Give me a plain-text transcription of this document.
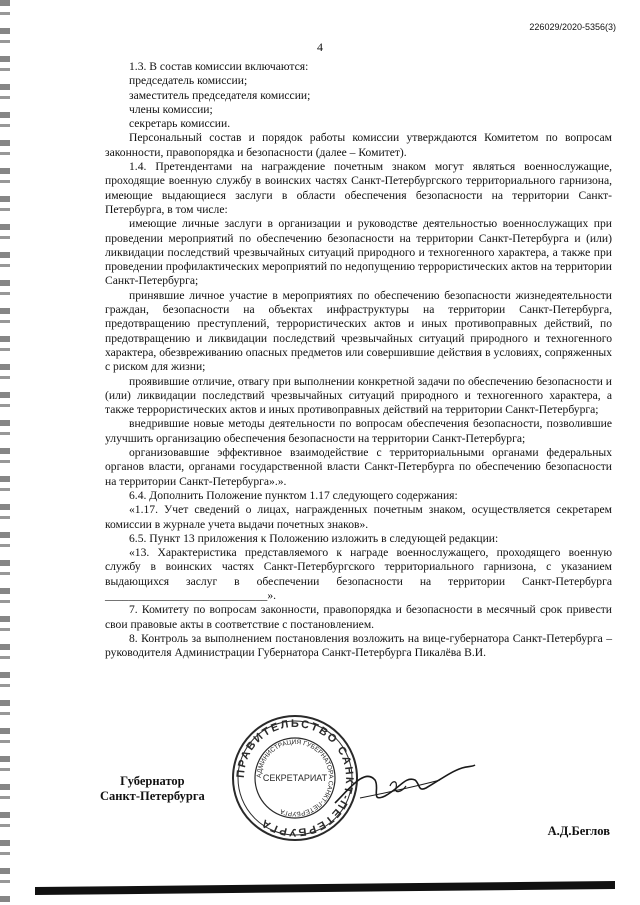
226029/2020-5356(3)
4

1.3. В состав комиссии включаются:

председатель комиссии;

заместитель председателя комиссии;

члены комиссии;

секретарь комиссии.

Персональный состав и порядок работы комиссии утверждаются Комитетом по вопросам законности, правопорядка и безопасности (далее – Комитет).

1.4. Претендентами на награждение почетным знаком могут являться военнослужащие, проходящие военную службу в воинских частях Санкт-Петербургского территориального гарнизона, имеющие выдающиеся заслуги в области обеспечения безопасности на территории Санкт-Петербурга, в том числе:

имеющие личные заслуги в организации и руководстве деятельностью военнослужащих при проведении мероприятий по обеспечению безопасности на территории Санкт-Петербурга и (или) ликвидации последствий чрезвычайных ситуаций природного и техногенного характера, а также при проведении профилактических мероприятий по недопущению террористических актов на территории Санкт-Петербурга;

принявшие личное участие в мероприятиях по обеспечению безопасности жизнедеятельности граждан, безопасности на объектах инфраструктуры на территории Санкт-Петербурга, предотвращению преступлений, террористических актов и иных противоправных действий, по предотвращению и ликвидации последствий чрезвычайных ситуаций природного и техногенного характера, обезвреживанию опасных предметов или совершившие действия в условиях, сопряженных с риском для жизни;

проявившие отличие, отвагу при выполнении конкретной задачи по обеспечению безопасности и (или) ликвидации последствий чрезвычайных ситуаций природного и техногенного характера, а также террористических актов и иных противоправных действий на территории Санкт-Петербурга;

внедрившие новые методы деятельности по вопросам обеспечения безопасности, позволившие улучшить организацию обеспечения безопасности на территории Санкт-Петербурга;

организовавшие эффективное взаимодействие с территориальными органами федеральных органов власти, органами государственной власти Санкт-Петербурга по обеспечению безопасности на территории Санкт-Петербурга».».

6.4. Дополнить Положение пунктом 1.17 следующего содержания:

«1.17. Учет сведений о лицах, награжденных почетным знаком, осуществляется секретарем комиссии в журнале учета выдачи почетных знаков».

6.5. Пункт 13 приложения к Положению изложить в следующей редакции:

«13. Характеристика представляемого к награде военнослужащего, проходящего военную службу в воинских частях Санкт-Петербургского территориального гарнизона, с указанием выдающихся заслуг в обеспечении безопасности на территории Санкт-Петербурга ____________________________».

7. Комитету по вопросам законности, правопорядка и безопасности в месячный срок привести свои правовые акты в соответствие с постановлением.

8. Контроль за выполнением постановления возложить на вице-губернатора Санкт-Петербурга – руководителя Администрации Губернатора Санкт-Петербурга Пикалёва В.И.

Губернатор
Санкт-Петербурга
ПРАВИТЕЛЬСТВО САНКТ-ПЕТЕРБУРГА
АДМИНИСТРАЦИЯ ГУБЕРНАТОРА САНКТ-ПЕТЕРБУРГА
СЕКРЕТАРИАТ
А.Д.Беглов
